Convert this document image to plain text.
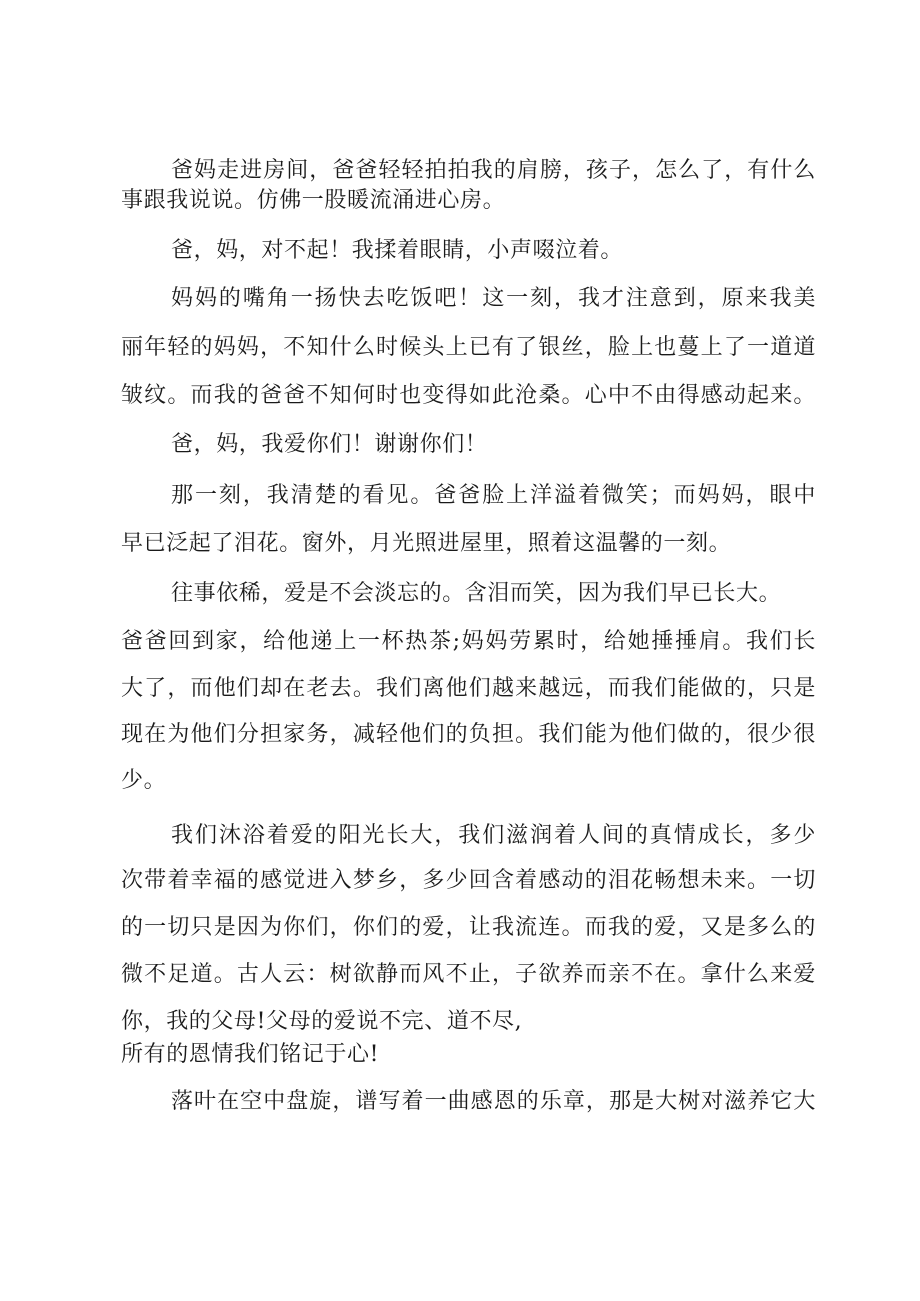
爸妈走进房间，爸爸轻轻拍拍我的肩膀，孩子，怎么了，有什么

事跟我说说。仿佛一股暖流涌进心房。

爸，妈，对不起！我揉着眼睛，小声啜泣着。

妈妈的嘴角一扬快去吃饭吧！这一刻，我才注意到，原来我美

丽年轻的妈妈，不知什么时候头上已有了银丝，脸上也蔓上了一道道

皱纹。而我的爸爸不知何时也变得如此沧桑。心中不由得感动起来。

爸，妈，我爱你们！谢谢你们！

那一刻，我清楚的看见。爸爸脸上洋溢着微笑；而妈妈，眼中

早已泛起了泪花。窗外，月光照进屋里，照着这温馨的一刻。

往事依稀，爱是不会淡忘的。含泪而笑，因为我们早已长大。

爸爸回到家，给他递上一杯热茶;妈妈劳累时，给她捶捶肩。我们长

大了，而他们却在老去。我们离他们越来越远，而我们能做的，只是

现在为他们分担家务，减轻他们的负担。我们能为他们做的，很少很

少。

我们沐浴着爱的阳光长大，我们滋润着人间的真情成长，多少

次带着幸福的感觉进入梦乡，多少回含着感动的泪花畅想未来。一切

的一切只是因为你们，你们的爱，让我流连。而我的爱，又是多么的

微不足道。古人云：树欲静而风不止，子欲养而亲不在。拿什么来爱

你，我的父母!父母的爱说不完、道不尽,

所有的恩情我们铭记于心!

落叶在空中盘旋，谱写着一曲感恩的乐章，那是大树对滋养它大
